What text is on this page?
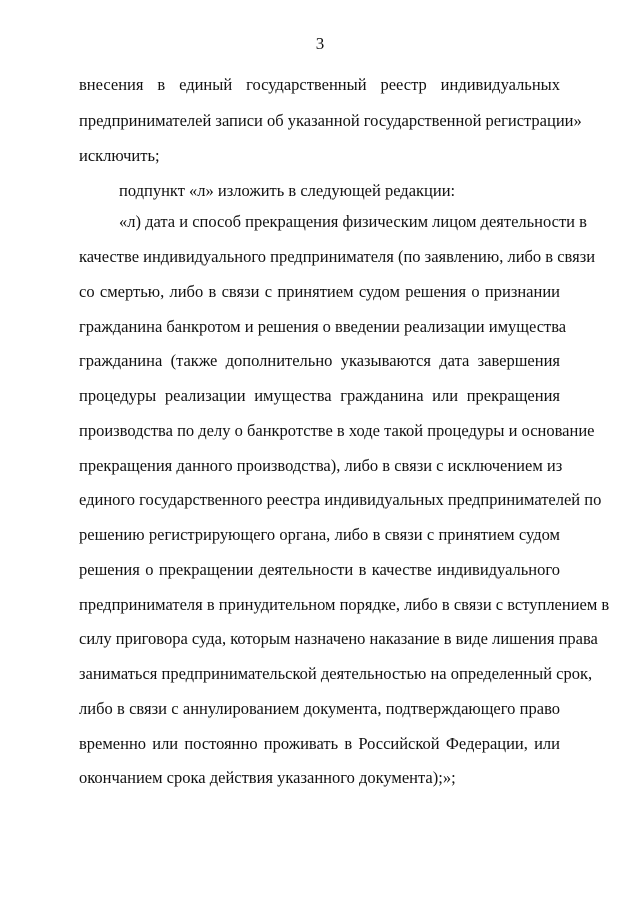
3
внесения в единый государственный реестр индивидуальных
предпринимателей записи об указанной государственной регистрации»
исключить;
подпункт «л» изложить в следующей редакции:
«л) дата и способ прекращения физическим лицом деятельности в
качестве индивидуального предпринимателя (по заявлению, либо в связи
со смертью, либо в связи с принятием судом решения о признании
гражданина банкротом и решения о введении реализации имущества
гражданина (также дополнительно указываются дата завершения
процедуры реализации имущества гражданина или прекращения
производства по делу о банкротстве в ходе такой процедуры и основание
прекращения данного производства), либо в связи с исключением из
единого государственного реестра индивидуальных предпринимателей по
решению регистрирующего органа, либо в связи с принятием судом
решения о прекращении деятельности в качестве индивидуального
предпринимателя в принудительном порядке, либо в связи с вступлением в
силу приговора суда, которым назначено наказание в виде лишения права
заниматься предпринимательской деятельностью на определенный срок,
либо в связи с аннулированием документа, подтверждающего право
временно или постоянно проживать в Российской Федерации, или
окончанием срока действия указанного документа);»;
